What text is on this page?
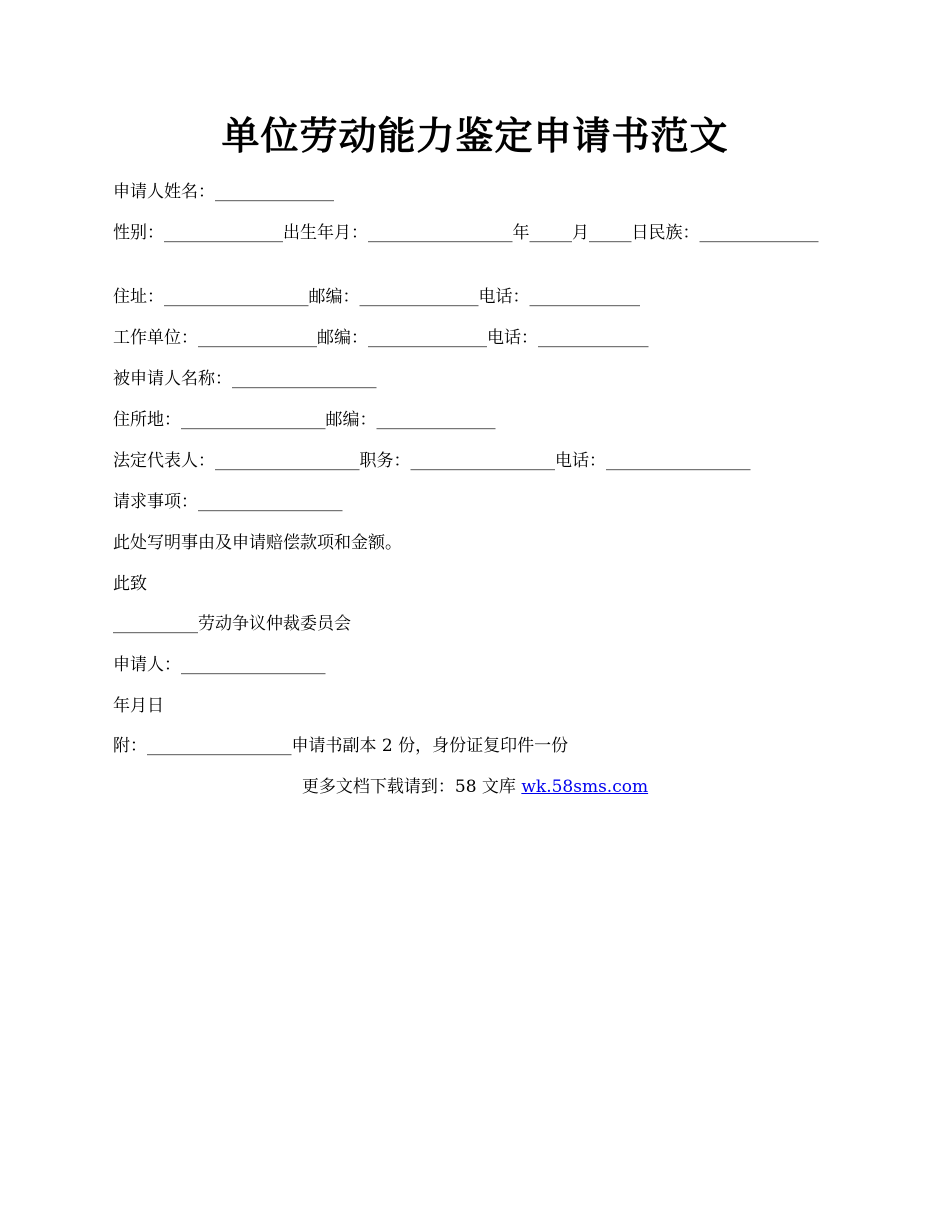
单位劳动能力鉴定申请书范文
申请人姓名：______________
性别：______________出生年月：_________________年_____月_____日民族：______________
住址：_________________邮编：______________电话：_____________
工作单位：______________邮编：______________电话：_____________
被申请人名称：_________________
住所地：_________________邮编：______________
法定代表人：_________________职务：_________________电话：_________________
请求事项：_________________
此处写明事由及申请赔偿款项和金额。
此致
__________劳动争议仲裁委员会
申请人：_________________
年月日
附：_________________申请书副本 2 份，身份证复印件一份
更多文档下载请到：58 文库 wk.58sms.com
